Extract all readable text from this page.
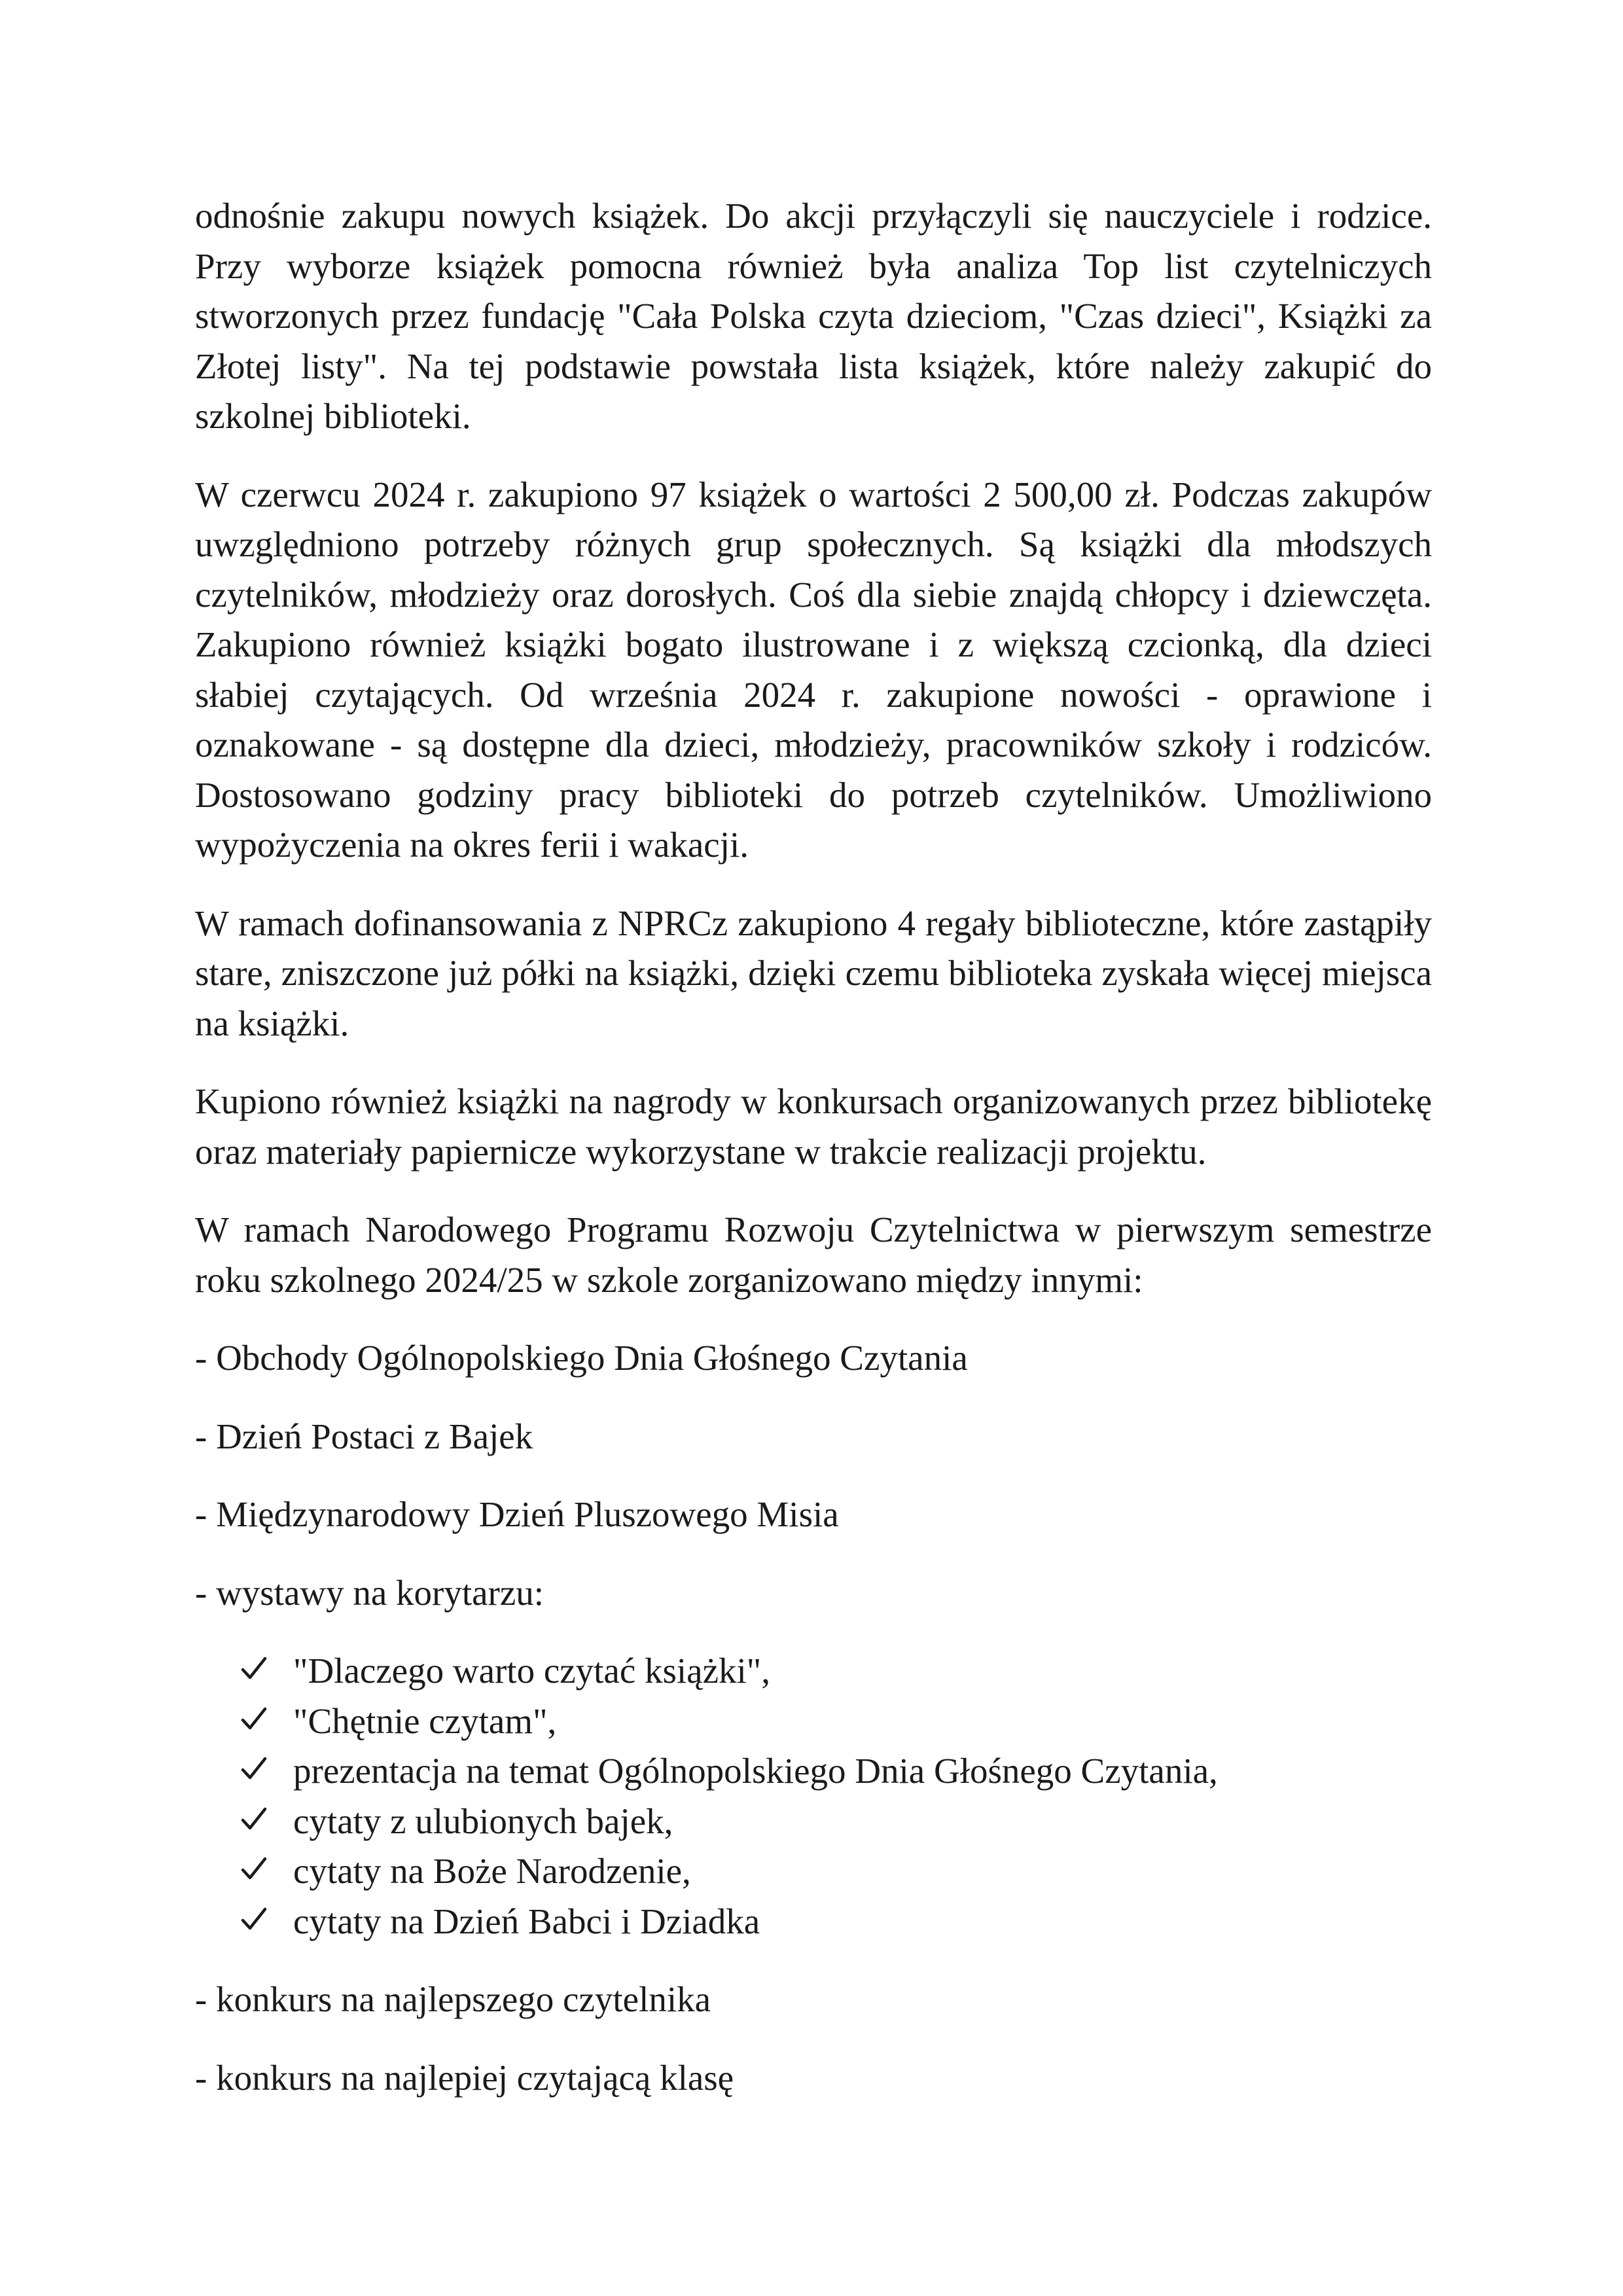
odnośnie zakupu nowych książek. Do akcji przyłączyli się nauczyciele i rodzice. Przy wyborze książek pomocna również była analiza Top list czytelniczych stworzonych przez fundację "Cała Polska czyta dzieciom, "Czas dzieci", Książki za Złotej listy". Na tej podstawie powstała lista książek, które należy zakupić do szkolnej biblioteki.

W czerwcu 2024 r. zakupiono 97 książek o wartości 2 500,00 zł. Podczas zakupów uwzględniono potrzeby różnych grup społecznych. Są książki dla młodszych czytelników, młodzieży oraz dorosłych. Coś dla siebie znajdą chłopcy i dziewczęta. Zakupiono również książki bogato ilustrowane i z większą czcionką, dla dzieci słabiej czytających. Od września 2024 r. zakupione nowości - oprawione i oznakowane - są dostępne dla dzieci, młodzieży, pracowników szkoły i rodziców. Dostosowano godziny pracy biblioteki do potrzeb czytelników. Umożliwiono wypożyczenia na okres ferii i wakacji.

W ramach dofinansowania z NPRCz zakupiono 4 regały biblioteczne, które zastąpiły stare, zniszczone już półki na książki, dzięki czemu biblioteka zyskała więcej miejsca na książki.

Kupiono również książki na nagrody w konkursach organizowanych przez bibliotekę oraz materiały papiernicze wykorzystane w trakcie realizacji projektu.

W ramach Narodowego Programu Rozwoju Czytelnictwa w pierwszym semestrze roku szkolnego 2024/25 w szkole zorganizowano między innymi:

- Obchody Ogólnopolskiego Dnia Głośnego Czytania

- Dzień Postaci z Bajek

- Międzynarodowy Dzień Pluszowego Misia

- wystawy na korytarzu:

"Dlaczego warto czytać książki",
"Chętnie czytam",
prezentacja na temat Ogólnopolskiego Dnia Głośnego Czytania,
cytaty z ulubionych bajek,
cytaty na Boże Narodzenie,
cytaty na Dzień Babci i Dziadka

- konkurs na najlepszego czytelnika

- konkurs na najlepiej czytającą klasę
